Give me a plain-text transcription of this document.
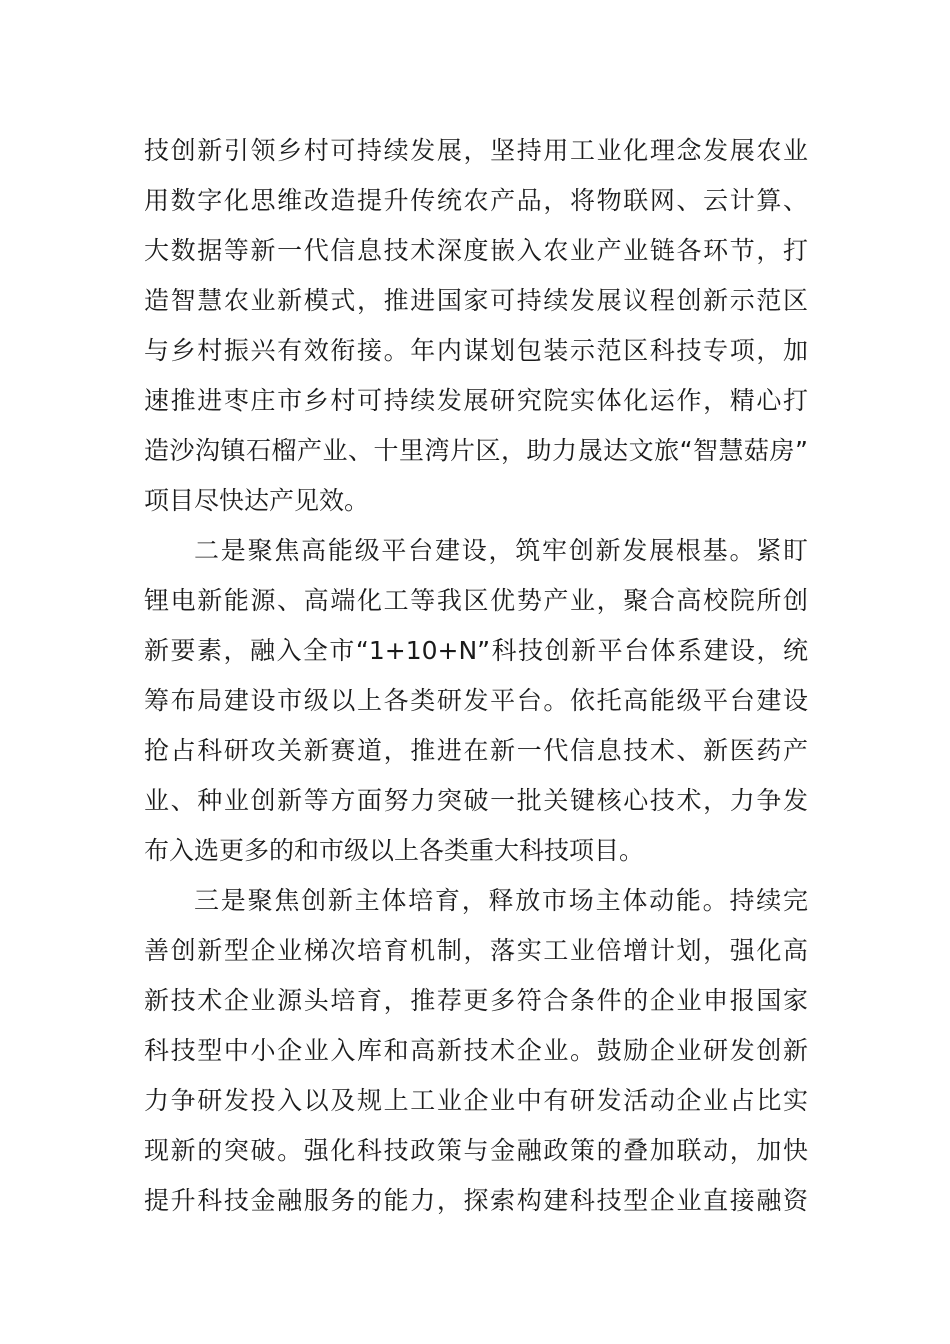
技创新引领乡村可持续发展，坚持用工业化理念发展农业
用数字化思维改造提升传统农产品，将物联网、云计算、
大数据等新一代信息技术深度嵌入农业产业链各环节，打
造智慧农业新模式，推进国家可持续发展议程创新示范区
与乡村振兴有效衔接。年内谋划包装示范区科技专项，加
速推进枣庄市乡村可持续发展研究院实体化运作，精心打
造沙沟镇石榴产业、十里湾片区，助力晟达文旅“智慧菇房”
项目尽快达产见效。
二是聚焦高能级平台建设，筑牢创新发展根基。紧盯
锂电新能源、高端化工等我区优势产业，聚合高校院所创
新要素，融入全市“1+10+N”科技创新平台体系建设，统
筹布局建设市级以上各类研发平台。依托高能级平台建设
抢占科研攻关新赛道，推进在新一代信息技术、新医药产
业、种业创新等方面努力突破一批关键核心技术，力争发
布入选更多的和市级以上各类重大科技项目。
三是聚焦创新主体培育，释放市场主体动能。持续完
善创新型企业梯次培育机制，落实工业倍增计划，强化高
新技术企业源头培育，推荐更多符合条件的企业申报国家
科技型中小企业入库和高新技术企业。鼓励企业研发创新
力争研发投入以及规上工业企业中有研发活动企业占比实
现新的突破。强化科技政策与金融政策的叠加联动，加快
提升科技金融服务的能力，探索构建科技型企业直接融资
